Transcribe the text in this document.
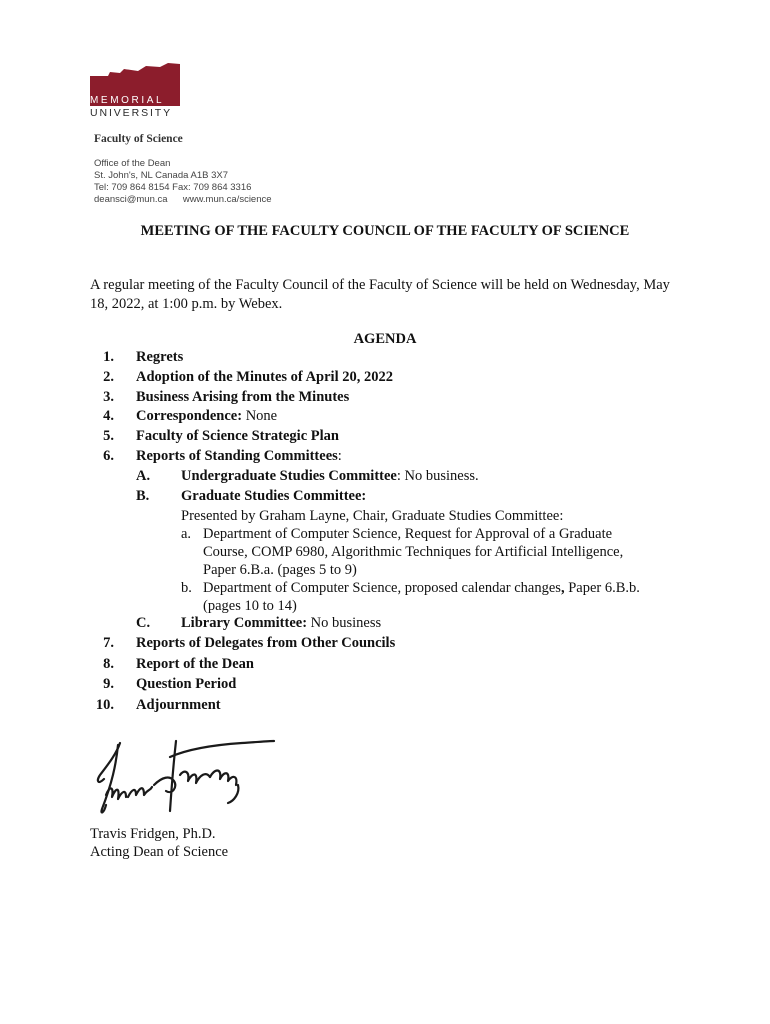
MEMORIAL
UNIVERSITY
Faculty of Science
Office of the Dean
St. John's, NL Canada A1B 3X7
Tel: 709 864 8154 Fax: 709 864 3316
deansci@mun.ca www.mun.ca/science
MEETING OF THE FACULTY COUNCIL OF THE FACULTY OF SCIENCE
A regular meeting of the Faculty Council of the Faculty of Science will be held on Wednesday, May 18, 2022, at 1:00 p.m. by Webex.
AGENDA
1. Regrets
2. Adoption of the Minutes of April 20, 2022
3. Business Arising from the Minutes
4. Correspondence: None
5. Faculty of Science Strategic Plan
6. Reports of Standing Committees:
A. Undergraduate Studies Committee: No business.
B. Graduate Studies Committee:
Presented by Graham Layne, Chair, Graduate Studies Committee:
a. Department of Computer Science, Request for Approval of a Graduate
Course, COMP 6980, Algorithmic Techniques for Artificial Intelligence,
Paper 6.B.a. (pages 5 to 9)
b. Department of Computer Science, proposed calendar changes, Paper 6.B.b.
(pages 10 to 14)
C. Library Committee: No business
7. Reports of Delegates from Other Councils
8. Report of the Dean
9. Question Period
10. Adjournment
Travis Fridgen, Ph.D.
Acting Dean of Science
